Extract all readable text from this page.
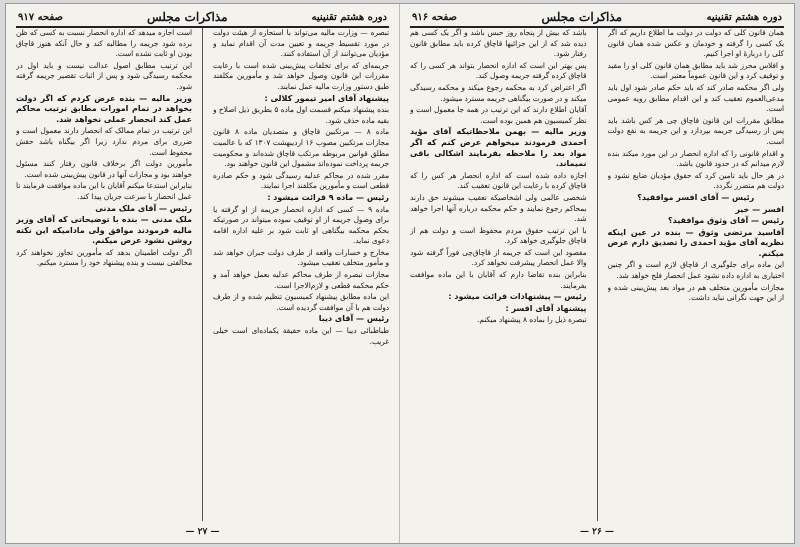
دوره هشتم تقنینیه
مذاکرات مجلس
صفحه ۹۱۷

تبصره — وزارت مالیه می‌تواند با استجازه از هیئت دولت در مورد تقسیط جریمه و تعیین مدت آن اقدام نماید و مؤدیان می‌توانند از آن استفاده کنند.

جریمه‌ای که برای تخلفات پیش‌بینی شده است با رعایت مقررات این قانون وصول خواهد شد و مأمورین مکلفند طبق دستور وزارت مالیه عمل نمایند.

پیشنهاد آقای امیر تیمور کلالی :

بنده پیشنهاد میکنم قسمت اول ماده ۵ بطریق ذیل اصلاح و بقیه ماده حذف شود.

ماده ۸ — مرتکبین قاچاق و متصدیان ماده ۸ قانون مجازات مرتکبین مصوب ۱۶ اردیبهشت ۱۳۰۷ که با عالمیت مطلق قوانین مربوطه مرتکب قاچاق شده‌اند و محکومیت جریمه پرداخت نموده‌اند مشمول این قانون خواهند بود.

مقرر شده در محاکم عدلیه رسیدگی شود و حکم صادره قطعی است و مأمورین مکلفند اجرا نمایند.

رئیس — ماده ۹ قرائت میشود :

ماده ۹ — کسی که اداره انحصار جریمه از او گرفته یا برای وصول جریمه از او توقیف نموده میتواند در صورتیکه بحکم محکمه بیگناهی او ثابت شود بر علیه اداره اقامه دعوی نماید.

مخارج و خسارات واقعه از طرف دولت جبران خواهد شد و مأمور متخلف تعقیب میشود.

مجازات تبصره از طرف محاکم عدلیه بعمل خواهد آمد و حکم محکمه قطعی و لازم‌الاجرا است.

این ماده مطابق پیشنهاد کمیسیون تنظیم شده و از طرف دولت هم با آن موافقت گردیده است.

رئیس — آقای دیبا

طباطبائی دیبا — این ماده حقیقة یکماده‌ای است خیلی غریب.

است اجازه میدهد که اداره انحصار نسبت به کسی که ظن برده شود جریمه را مطالبه کند و حال آنکه هنوز قاچاق بودن او ثابت نشده است.

این ترتیب مطابق اصول عدالت نیست و باید اول در محکمه رسیدگی شود و پس از اثبات تقصیر جریمه گرفته شود.

وزیر مالیه — بنده عرض کردم که اگر دولت بخواهد در تمام امورات مطابق ترتیب محاکم عمل کند انحصار عملی نخواهد شد.

این ترتیب در تمام ممالک که انحصار دارند معمول است و ضرری برای مردم ندارد زیرا اگر بیگناه باشد حقش محفوظ است.

مأمورین دولت اگر برخلاف قانون رفتار کنند مسئول خواهند بود و مجازات آنها در قانون پیش‌بینی شده است.

بنابراین استدعا میکنم آقایان با این ماده موافقت فرمایند تا عمل انحصار با سرعت جریان پیدا کند.

رئیس — آقای ملک مدنی

ملک مدنی — بنده با توضیحاتی که آقای وزیر مالیه فرمودند موافق ولی مادامیکه این نکته روشن نشود عرض میکنم.

اگر دولت اطمینان بدهد که مأمورین تجاوز نخواهند کرد مخالفتی نیست و بنده پیشنهاد خود را مسترد میکنم.

— ۲۷ —
دوره هشتم تقنینیه
مذاکرات مجلس
صفحه ۹۱۶

همان قانون کلی که دولت در دولت ما اطلاع داریم که اگر یک کسی را گرفته و خودمان و عکس شده همان قانون کلی را دربارهٔ او اجرا کنیم.

و افلاس محرز شد باید مطابق همان قانون کلی او را مقید و توقیف کرد و این قانون عموماً معتبر است.

ولی اگر محکمه صادر کند که باید حکم صادر شود اول باید مدعی‌العموم تعقیب کند و این اقدام مطابق رویه عمومی است.

مطابق مقررات این قانون قاچاق چی هر کس باشد باید پس از رسیدگی جریمه بپردازد و این جریمه به نفع دولت است.

و اقدام قانونی را که اداره انحصار در این مورد میکند بنده لازم میدانم که در حدود قانون باشد.

در هر حال باید تامین کرد که حقوق مؤدیان ضایع نشود و دولت هم متضرر نگردد.

رئیس — آقای افسر موافقید؟

افسر — خیر

رئیس — آقای وثوق موافقید؟

آقاسید مرتضی وثوق — بنده در عین اینکه نظریه آقای مؤید احمدی را تصدیق دارم عرض میکنم.

این ماده برای جلوگیری از قاچاق لازم است و اگر چنین اختیاری به اداره داده نشود عمل انحصار فلج خواهد شد.

مجازات مأمورین متخلف هم در مواد بعد پیش‌بینی شده و از این جهت نگرانی نباید داشت.

باشد که بیش از پنجاه روز حبس باشد و اگر یک کسی هم دیده شد که از این جزائیها قاچاق کرده باید مطابق قانون رفتار شود.

پس بهتر این است که اداره انحصار بتواند هر کسی را که قاچاق کرده گرفته جریمه وصول کند.

اگر اعتراض کرد به محکمه رجوع میکند و محکمه رسیدگی میکند و در صورت بیگناهی جریمه مسترد میشود.

آقایان اطلاع دارند که این ترتیب در همه جا معمول است و نظر کمیسیون هم همین بوده است.

وزیر مالیه — بهمن ملاحظاتیکه آقای مؤید احمدی فرمودند میخواهم عرض کنم که اگر مواد بعد را ملاحظه بفرمایند اشکالی باقی نمیماند.

اجازه داده شده است که اداره انحصار هر کس را که قاچاق کرده با رعایت این قانون تعقیب کند.

شخصی عالمی ولی اشخاصیکه تعقیب میشوند حق دارند بمحاکم رجوع نمایند و حکم محکمه درباره آنها اجرا خواهد شد.

با این ترتیب حقوق مردم محفوظ است و دولت هم از قاچاق جلوگیری خواهد کرد.

مقصود این است که جریمه از قاچاق‌چی فوراً گرفته شود والا عمل انحصار پیشرفت نخواهد کرد.

بنابراین بنده تقاضا دارم که آقایان با این ماده موافقت بفرمایند.

رئیس — پیشنهادات قرائت میشود :

پیشنهاد آقای افسر :

تبصره ذیل را بماده ۸ پیشنهاد میکنم.

— ۲۶ —
